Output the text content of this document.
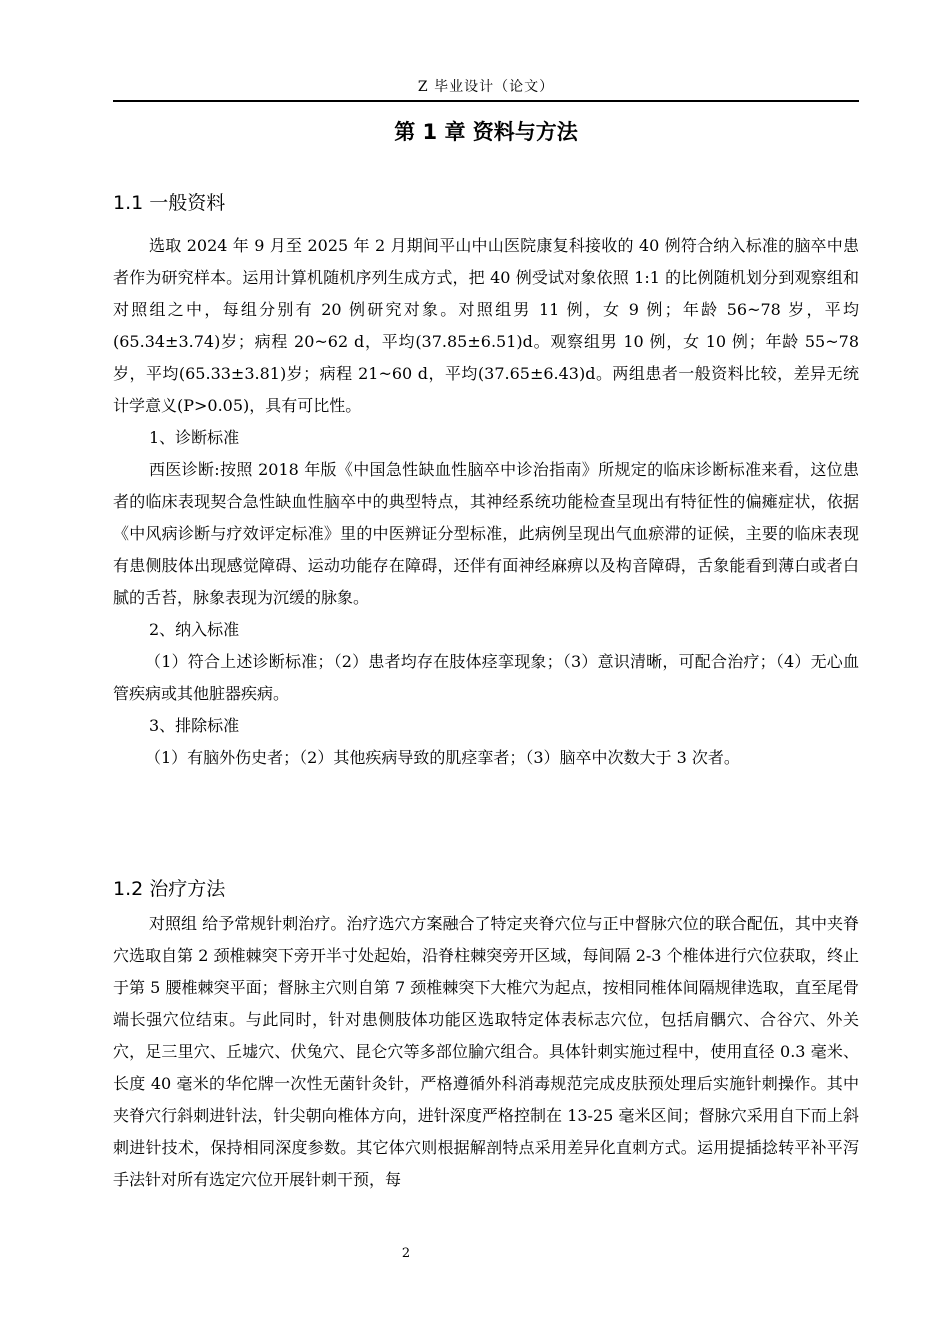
Z 毕业设计（论文）
第 1 章 资料与方法
1.1 一般资料

选取 2024 年 9 月至 2025 年 2 月期间平山中山医院康复科接收的 40 例符合纳入标准的脑卒中患者作为研究样本。运用计算机随机序列生成方式，把 40 例受试对象依照 1:1 的比例随机划分到观察组和对照组之中，每组分别有 20 例研究对象。对照组男 11 例，女 9 例；年龄 56~78 岁，平均(65.34±3.74)岁；病程 20~62 d，平均(37.85±6.51)d。观察组男 10 例，女 10 例；年龄 55~78 岁，平均(65.33±3.81)岁；病程 21~60 d，平均(37.65±6.43)d。两组患者一般资料比较，差异无统计学意义(P>0.05)，具有可比性。

1、诊断标准

西医诊断:按照 2018 年版《中国急性缺血性脑卒中诊治指南》所规定的临床诊断标准来看，这位患者的临床表现契合急性缺血性脑卒中的典型特点，其神经系统功能检查呈现出有特征性的偏瘫症状，依据《中风病诊断与疗效评定标准》里的中医辨证分型标准，此病例呈现出气血瘀滞的证候，主要的临床表现有患侧肢体出现感觉障碍、运动功能存在障碍，还伴有面神经麻痹以及构音障碍，舌象能看到薄白或者白腻的舌苔，脉象表现为沉缓的脉象。

2、纳入标准

（1）符合上述诊断标准；（2）患者均存在肢体痉挛现象；（3）意识清晰，可配合治疗；（4）无心血管疾病或其他脏器疾病。

3、排除标准

（1）有脑外伤史者；（2）其他疾病导致的肌痉挛者；（3）脑卒中次数大于 3 次者。

1.2 治疗方法

对照组 给予常规针刺治疗。治疗选穴方案融合了特定夹脊穴位与正中督脉穴位的联合配伍，其中夹脊穴选取自第 2 颈椎棘突下旁开半寸处起始，沿脊柱棘突旁开区域，每间隔 2-3 个椎体进行穴位获取，终止于第 5 腰椎棘突平面；督脉主穴则自第 7 颈椎棘突下大椎穴为起点，按相同椎体间隔规律选取，直至尾骨端长强穴位结束。与此同时，针对患侧肢体功能区选取特定体表标志穴位，包括肩髃穴、合谷穴、外关穴，足三里穴、丘墟穴、伏兔穴、昆仑穴等多部位腧穴组合。具体针刺实施过程中，使用直径 0.3 毫米、长度 40 毫米的华佗牌一次性无菌针灸针，严格遵循外科消毒规范完成皮肤预处理后实施针刺操作。其中夹脊穴行斜刺进针法，针尖朝向椎体方向，进针深度严格控制在 13-25 毫米区间；督脉穴采用自下而上斜刺进针技术，保持相同深度参数。其它体穴则根据解剖特点采用差异化直刺方式。运用提插捻转平补平泻手法针对所有选定穴位开展针刺干预，每

2
